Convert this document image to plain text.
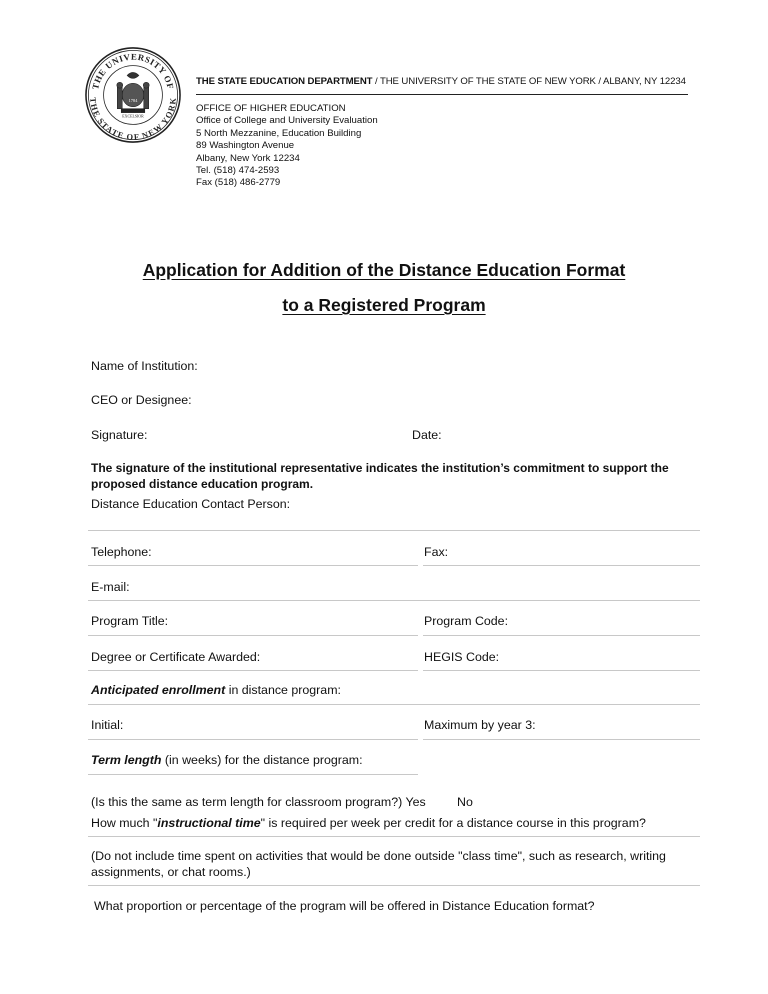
THE UNIVERSITY OF
THE STATE OF NEW YORK
1784
EXCELSIOR
THE STATE EDUCATION DEPARTMENT / THE UNIVERSITY OF THE STATE OF NEW YORK / ALBANY, NY 12234
OFFICE OF HIGHER EDUCATION
Office of College and University Evaluation
5 North Mezzanine, Education Building
89 Washington Avenue
Albany, New York 12234
Tel. (518) 474-2593
Fax (518) 486-2779
Application for Addition of the Distance Education Format
to a Registered Program
Name of Institution:
CEO or Designee:
Signature:	Date:
The signature of the institutional representative indicates the institution’s commitment to support the proposed distance education program.
Distance Education Contact Person:
Telephone:	Fax:
E-mail:
Program Title:	Program Code:
Degree or Certificate Awarded:	HEGIS Code:
Anticipated enrollment in distance program:
Initial:	Maximum by year 3:
Term length (in weeks) for the distance program:
(Is this the same as term length for classroom program?) Yes	No
How much "instructional time" is required per week per credit for a distance course in this program?
(Do not include time spent on activities that would be done outside "class time", such as research, writing assignments, or chat rooms.)
What proportion or percentage of the program will be offered in Distance Education format?
